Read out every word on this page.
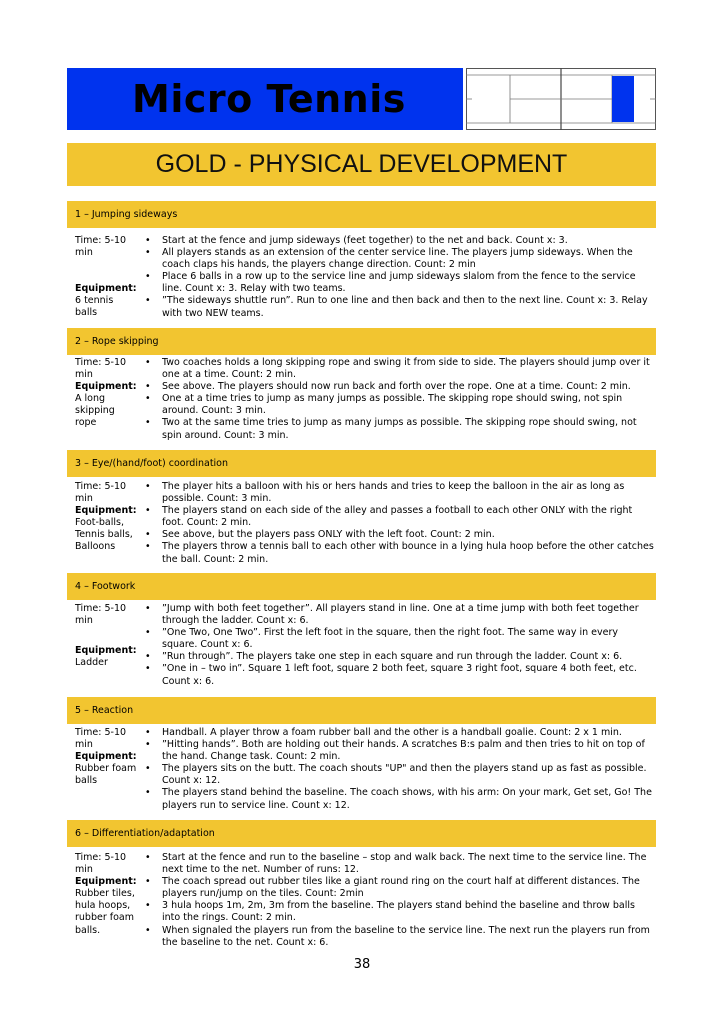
Micro Tennis
GOLD - PHYSICAL DEVELOPMENT
1 – Jumping sideways
Time: 5-10
min
Equipment:
6 tennis
balls
• Start at the fence and jump sideways (feet together) to the net and back. Count x: 3.
• All players stands as an extension of the center service line. The players jump sideways. When the coach claps his hands, the players change direction. Count: 2 min
• Place 6 balls in a row up to the service line and jump sideways slalom from the fence to the service line. Count x: 3. Relay with two teams.
• ”The sideways shuttle run”. Run to one line and then back and then to the next line. Count x: 3. Relay with two NEW teams.
2 – Rope skipping
Time: 5-10
min
Equipment:
A long
skipping
rope
• Two coaches holds a long skipping rope and swing it from side to side. The players should jump over it one at a time. Count: 2 min.
• See above. The players should now run back and forth over the rope. One at a time. Count: 2 min.
• One at a time tries to jump as many jumps as possible. The skipping rope should swing, not spin around. Count: 3 min.
• Two at the same time tries to jump as many jumps as possible. The skipping rope should swing, not spin around. Count: 3 min.
3 – Eye/(hand/foot) coordination
Time: 5-10
min
Equipment:
Foot-balls,
Tennis balls,
Balloons
• The player hits a balloon with his or hers hands and tries to keep the balloon in the air as long as possible. Count: 3 min.
• The players stand on each side of the alley and passes a football to each other ONLY with the right foot. Count: 2 min.
• See above, but the players pass ONLY with the left foot. Count: 2 min.
• The players throw a tennis ball to each other with bounce in a lying hula hoop before the other catches the ball. Count: 2 min.
4 – Footwork
Time: 5-10
min
Equipment:
Ladder
• ”Jump with both feet together”. All players stand in line. One at a time jump with both feet together through the ladder. Count x: 6.
• ”One Two, One Two”. First the left foot in the square, then the right foot. The same way in every square. Count x: 6.
• ”Run through”. The players take one step in each square and run through the ladder. Count x: 6.
• ”One in – two in”. Square 1 left foot, square 2 both feet, square 3 right foot, square 4 both feet, etc. Count x: 6.
5 – Reaction
Time: 5-10
min
Equipment:
Rubber foam
balls
• Handball. A player throw a foam rubber ball and the other is a handball goalie. Count: 2 x 1 min.
• ”Hitting hands”. Both are holding out their hands. A scratches B:s palm and then tries to hit on top of the hand. Change task. Count: 2 min.
• The players sits on the butt. The coach shouts "UP" and then the players stand up as fast as possible. Count x: 12.
• The players stand behind the baseline. The coach shows, with his arm: On your mark, Get set, Go! The players run to service line. Count x: 12.
6 – Differentiation/adaptation
Time: 5-10
min
Equipment:
Rubber tiles,
hula hoops,
rubber foam
balls.
• Start at the fence and run to the baseline – stop and walk back. The next time to the service line. The next time to the net. Number of runs: 12.
• The coach spread out rubber tiles like a giant round ring on the court half at different distances. The players run/jump on the tiles. Count: 2min
• 3 hula hoops 1m, 2m, 3m from the baseline. The players stand behind the baseline and throw balls into the rings. Count: 2 min.
• When signaled the players run from the baseline to the service line. The next run the players run from the baseline to the net. Count x: 6.
38
